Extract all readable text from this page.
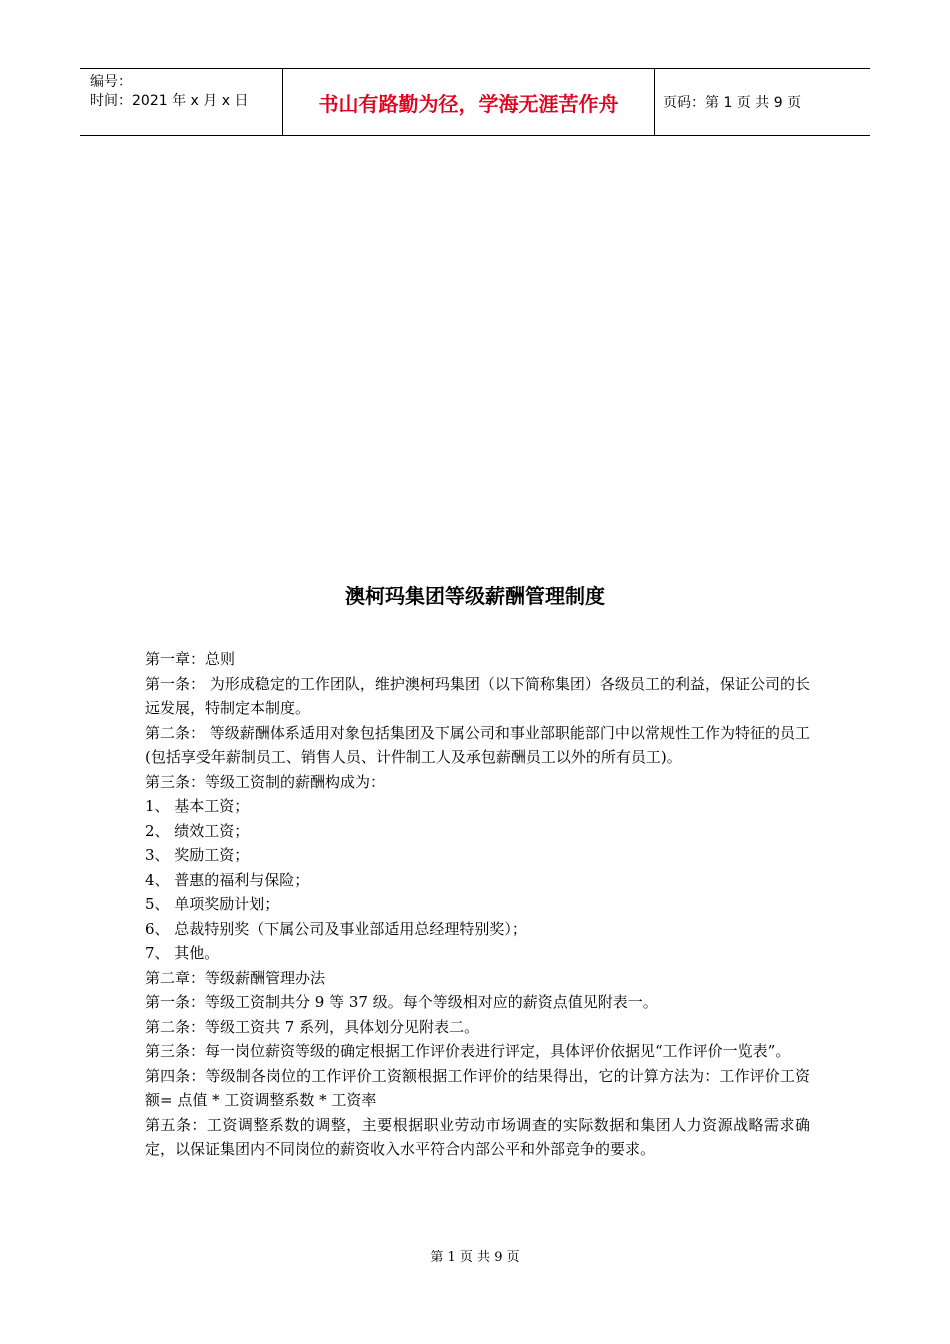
编号：
时间：2021 年 x 月 x 日	书山有路勤为径，学海无涯苦作舟	页码：第 1 页 共 9 页
澳柯玛集团等级薪酬管理制度

第一章：总则

第一条： 为形成稳定的工作团队，维护澳柯玛集团（以下简称集团）各级员工的利益，保证公司的长远发展，特制定本制度。

第二条： 等级薪酬体系适用对象包括集团及下属公司和事业部职能部门中以常规性工作为特征的员工(包括享受年薪制员工、销售人员、计件制工人及承包薪酬员工以外的所有员工)。

第三条：等级工资制的薪酬构成为：

1、 基本工资；

2、 绩效工资；

3、 奖励工资；

4、 普惠的福利与保险；

5、 单项奖励计划；

6、 总裁特别奖（下属公司及事业部适用总经理特别奖）；

7、 其他。

第二章：等级薪酬管理办法

第一条：等级工资制共分 9 等 37 级。每个等级相对应的薪资点值见附表一。

第二条：等级工资共 7 系列，具体划分见附表二。

第三条：每一岗位薪资等级的确定根据工作评价表进行评定，具体评价依据见“工作评价一览表”。

第四条：等级制各岗位的工作评价工资额根据工作评价的结果得出，它的计算方法为：工作评价工资额= 点值 * 工资调整系数 * 工资率

第五条：工资调整系数的调整，主要根据职业劳动市场调查的实际数据和集团人力资源战略需求确定，以保证集团内不同岗位的薪资收入水平符合内部公平和外部竞争的要求。

第 1 页 共 9 页
